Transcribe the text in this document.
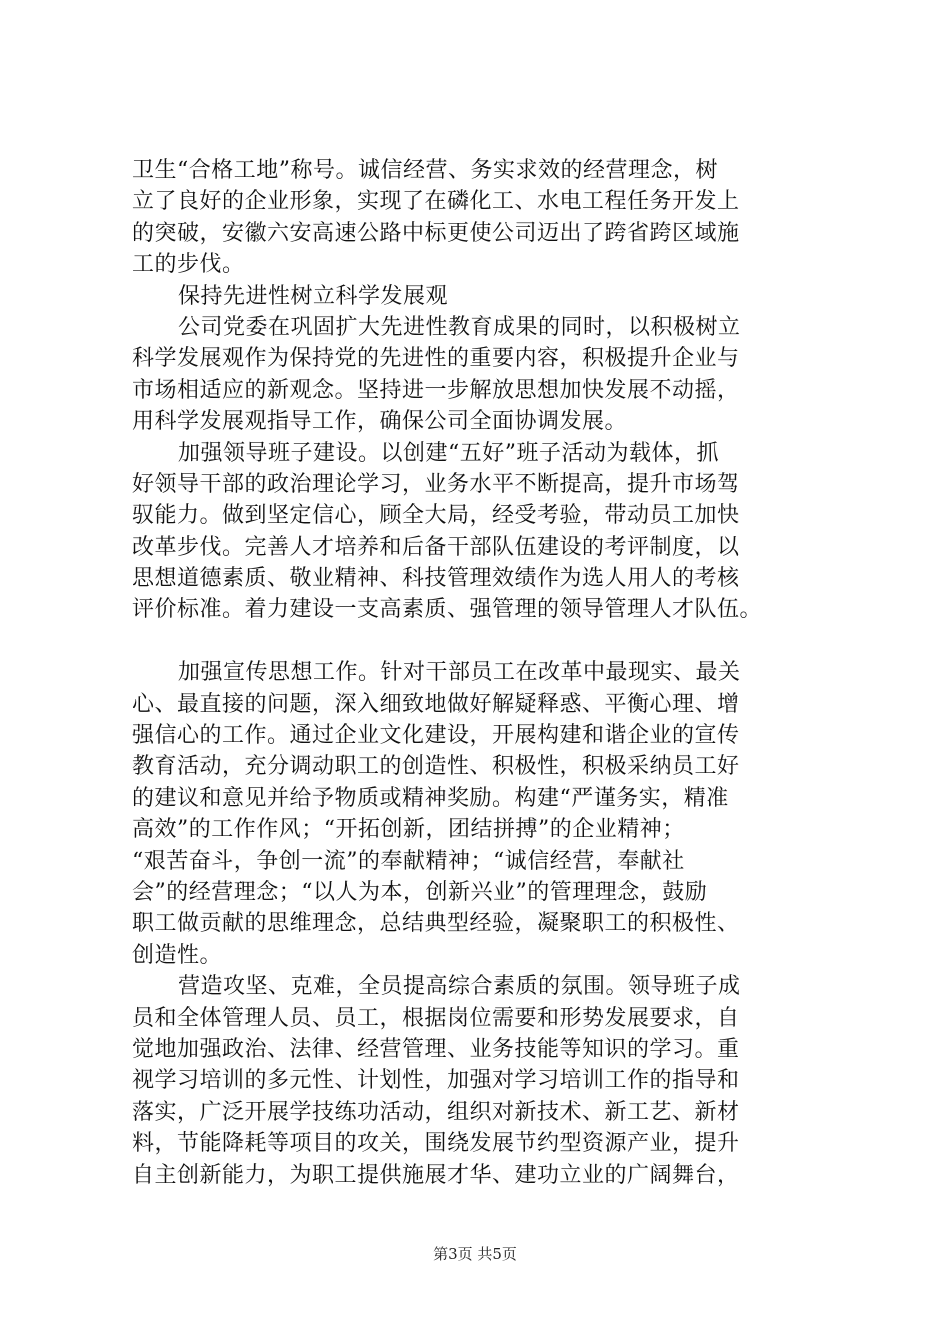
卫生“合格工地”称号。诚信经营、务实求效的经营理念，树
立了良好的企业形象，实现了在磷化工、水电工程任务开发上
的突破，安徽六安高速公路中标更使公司迈出了跨省跨区域施
工的步伐。
保持先进性树立科学发展观
公司党委在巩固扩大先进性教育成果的同时，以积极树立
科学发展观作为保持党的先进性的重要内容，积极提升企业与
市场相适应的新观念。坚持进一步解放思想加快发展不动摇，
用科学发展观指导工作，确保公司全面协调发展。
加强领导班子建设。以创建“五好”班子活动为载体，抓
好领导干部的政治理论学习，业务水平不断提高，提升市场驾
驭能力。做到坚定信心，顾全大局，经受考验，带动员工加快
改革步伐。完善人才培养和后备干部队伍建设的考评制度，以
思想道德素质、敬业精神、科技管理效绩作为选人用人的考核
评价标准。着力建设一支高素质、强管理的领导管理人才队伍。
加强宣传思想工作。针对干部员工在改革中最现实、最关
心、最直接的问题，深入细致地做好解疑释惑、平衡心理、增
强信心的工作。通过企业文化建设，开展构建和谐企业的宣传
教育活动，充分调动职工的创造性、积极性，积极采纳员工好
的建议和意见并给予物质或精神奖励。构建“严谨务实，精准
高效”的工作作风；“开拓创新，团结拼搏”的企业精神；
“艰苦奋斗，争创一流”的奉献精神；“诚信经营，奉献社
会”的经营理念；“以人为本，创新兴业”的管理理念，鼓励
职工做贡献的思维理念，总结典型经验，凝聚职工的积极性、
创造性。
营造攻坚、克难，全员提高综合素质的氛围。领导班子成
员和全体管理人员、员工，根据岗位需要和形势发展要求，自
觉地加强政治、法律、经营管理、业务技能等知识的学习。重
视学习培训的多元性、计划性，加强对学习培训工作的指导和
落实，广泛开展学技练功活动，组织对新技术、新工艺、新材
料，节能降耗等项目的攻关，围绕发展节约型资源产业，提升
自主创新能力，为职工提供施展才华、建功立业的广阔舞台，
第3页 共5页
